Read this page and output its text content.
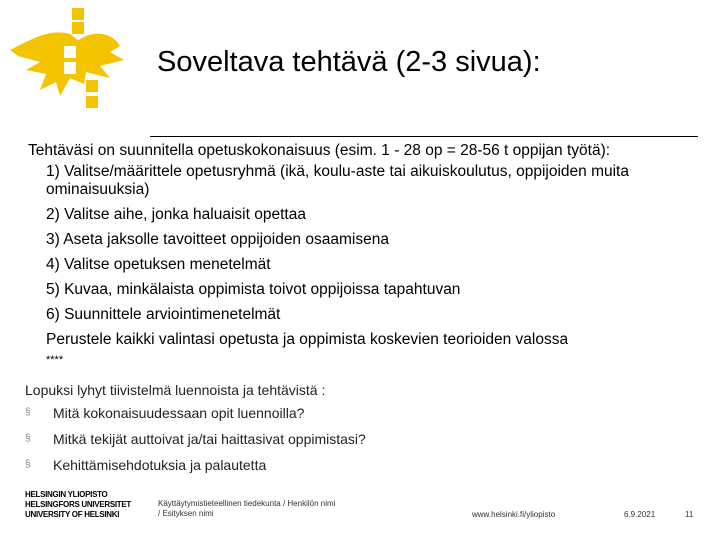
Soveltava tehtävä (2-3 sivua):
Tehtäväsi on suunnitella opetuskokonaisuus (esim. 1 - 28 op = 28-56 t oppijan työtä):
1) Valitse/määrittele opetusryhmä (ikä, koulu-aste tai aikuiskoulutus, oppijoiden muita ominaisuuksia)
2) Valitse aihe, jonka haluaisit opettaa
3) Aseta jaksolle tavoitteet oppijoiden osaamisena
4) Valitse opetuksen menetelmät
5) Kuvaa, minkälaista oppimista toivot oppijoissa tapahtuvan
6) Suunnittele arviointimenetelmät
Perustele kaikki valintasi opetusta ja oppimista koskevien teorioiden valossa
****
Lopuksi lyhyt tiivistelmä luennoista ja tehtävistä :
§	Mitä kokonaisuudessaan opit luennoilla?
§	Mitkä tekijät auttoivat ja/tai haittasivat oppimistasi?
§	Kehittämisehdotuksia ja palautetta
HELSINGIN YLIOPISTO
HELSINGFORS UNIVERSITET
UNIVERSITY OF HELSINKI
Käyttäytymistieteellinen tiedekunta / Henkilön nimi
/ Esityksen nimi	www.helsinki.fi/yliopisto	6.9.2021	11
